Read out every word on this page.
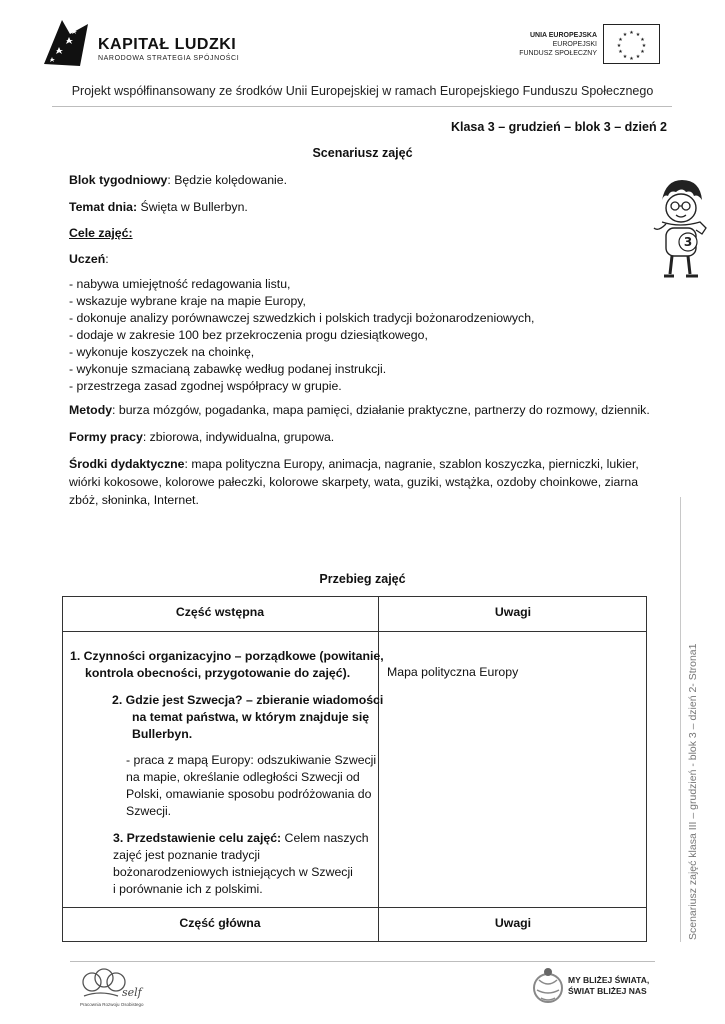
KAPITAŁ LUDZKI
NARODOWA STRATEGIA SPÓJNOŚCI
UNIA EUROPEJSKA
EUROPEJSKI
FUNDUSZ SPOŁECZNY
★ ★
★
★
★
★
★
★
★
★
★
★
Projekt współfinansowany ze środków Unii Europejskiej w ramach Europejskiego Funduszu Społecznego
Klasa 3 – grudzień – blok 3 – dzień 2
Scenariusz zajęć
Blok tygodniowy: Będzie kolędowanie.
Temat dnia: Święta w Bullerbyn.
Cele zajęć:
Uczeń:
- nabywa umiejętność redagowania listu,
- wskazuje wybrane kraje na mapie Europy,
- dokonuje analizy porównawczej szwedzkich i polskich tradycji bożonarodzeniowych,
- dodaje w zakresie 100 bez przekroczenia progu dziesiątkowego,
- wykonuje koszyczek na choinkę,
- wykonuje szmacianą zabawkę według podanej instrukcji.
- przestrzega zasad zgodnej współpracy w grupie.
Metody: burza mózgów, pogadanka, mapa pamięci, działanie praktyczne, partnerzy do rozmowy, dziennik.
Formy pracy: zbiorowa, indywidualna, grupowa.
Środki dydaktyczne: mapa polityczna Europy, animacja, nagranie, szablon koszyczka, pierniczki, lukier,
wiórki kokosowe, kolorowe pałeczki, kolorowe skarpety, wata, guziki, wstążka, ozdoby choinkowe, ziarna
zbóż, słoninka, Internet.
3
Przebieg zajęć
Część wstępna	Uwagi
1. Czynności organizacyjno – porządkowe (powitanie,
kontrola obecności, przygotowanie do zajęć).	Mapa polityczna Europy
2. Gdzie jest Szwecja? – zbieranie wiadomości
na temat państwa, w którym znajduje się
Bullerbyn.
- praca z mapą Europy: odszukiwanie Szwecji
na mapie, określanie odległości Szwecji od
Polski, omawianie sposobu podróżowania do
Szwecji.
3. Przedstawienie celu zajęć: Celem naszych
zajęć jest poznanie tradycji
bożonarodzeniowych istniejących w Szwecji
i porównanie ich z polskimi.
Część główna	Uwagi	Scenariusz zajęć klasa III – grudzień - blok 3 – dzień 2- Strona1
self
Pracownia Rozwoju Osobistego
MY BLIŻEJ ŚWIATA,
ŚWIAT BLIŻEJ NAS
